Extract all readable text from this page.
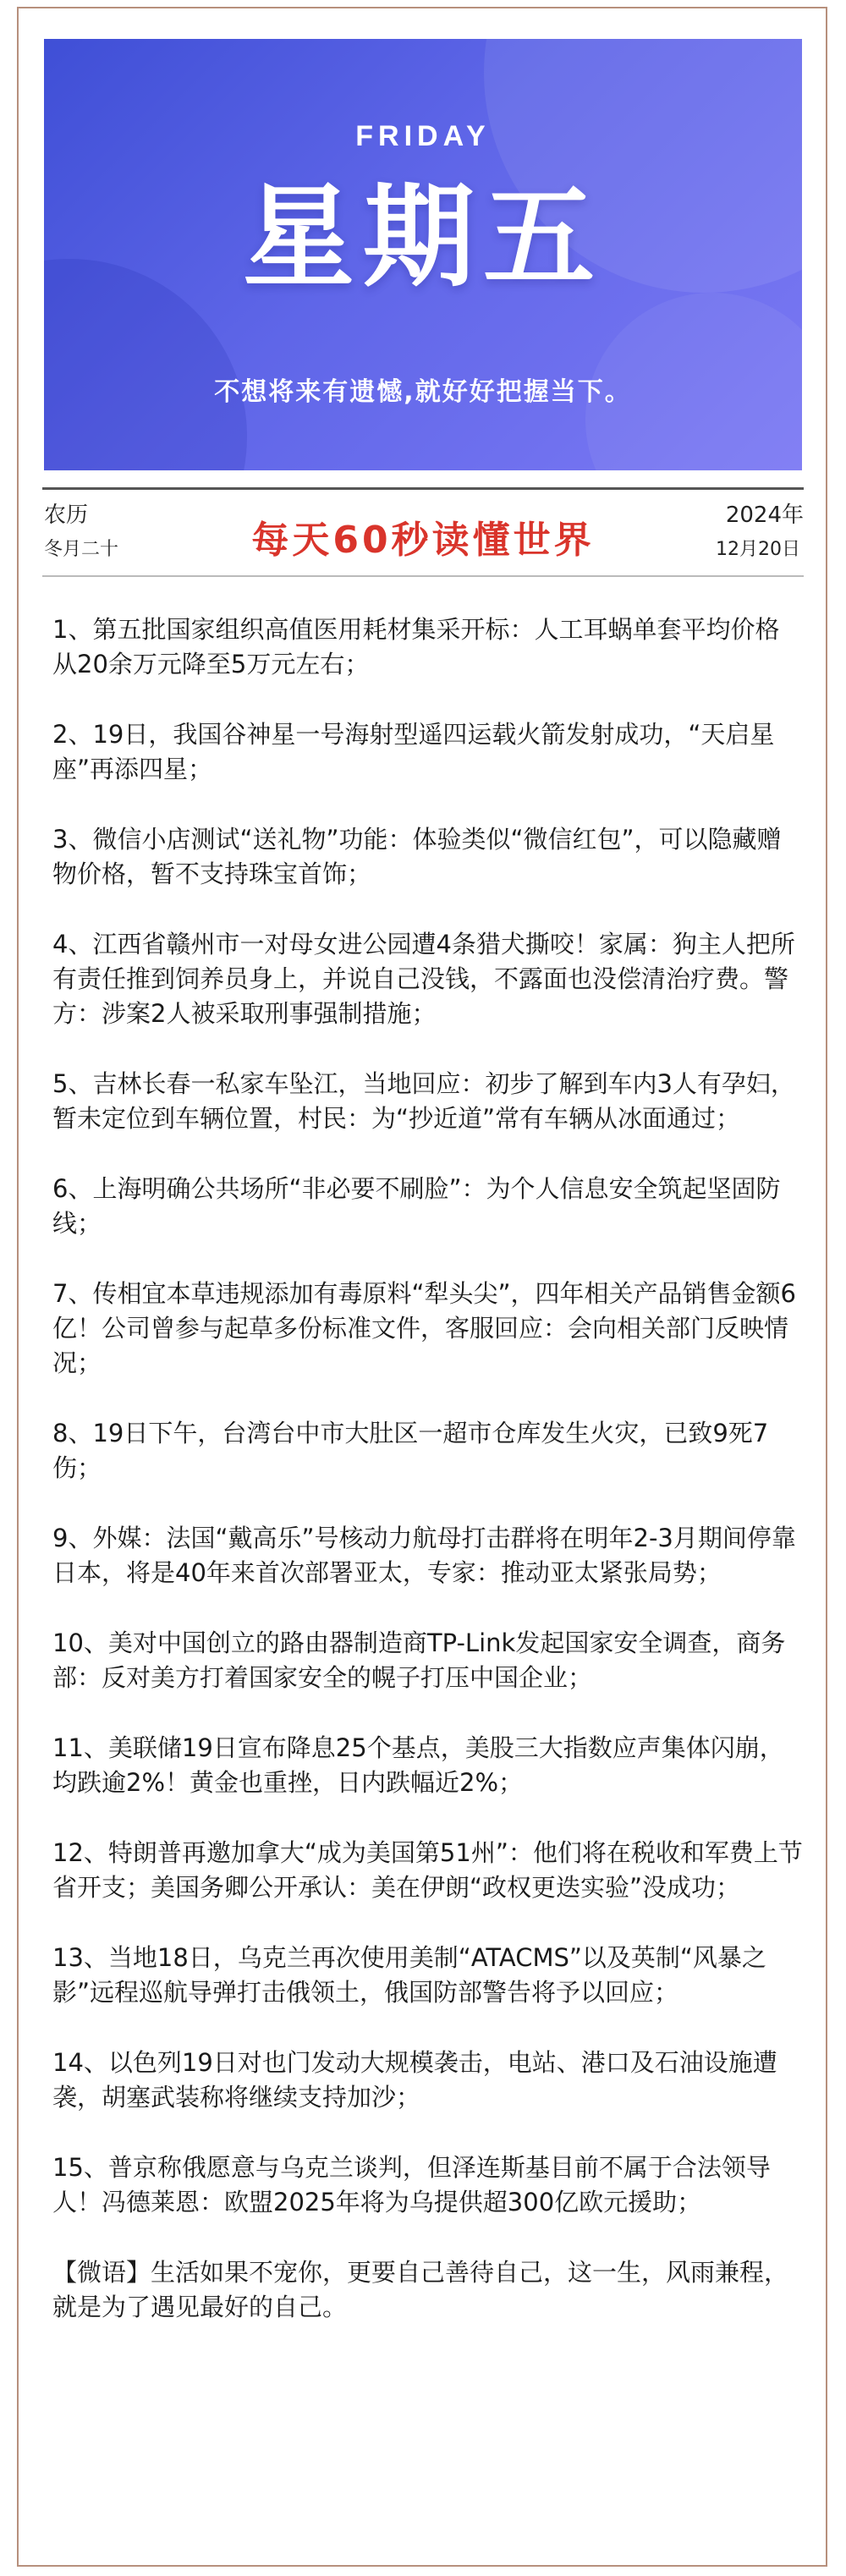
FRIDAY
星期五
不想将来有遗憾,就好好把握当下。
农历
冬月二十	每天60秒读懂世界
2024年
12月20日

1、第五批国家组织高值医用耗材集采开标：人工耳蜗单套平均价格从20余万元降至5万元左右；

2、19日，我国谷神星一号海射型遥四运载火箭发射成功，“天启星座”再添四星；

3、微信小店测试“送礼物”功能：体验类似“微信红包”，可以隐藏赠物价格，暂不支持珠宝首饰；

4、江西省赣州市一对母女进公园遭4条猎犬撕咬！家属：狗主人把所有责任推到饲养员身上，并说自己没钱，不露面也没偿清治疗费。警方：涉案2人被采取刑事强制措施；

5、吉林长春一私家车坠江，当地回应：初步了解到车内3人有孕妇，暂未定位到车辆位置，村民：为“抄近道”常有车辆从冰面通过；

6、上海明确公共场所“非必要不刷脸”：为个人信息安全筑起坚固防线；

7、传相宜本草违规添加有毒原料“犁头尖”，四年相关产品销售金额6亿！公司曾参与起草多份标准文件，客服回应：会向相关部门反映情况；

8、19日下午，台湾台中市大肚区一超市仓库发生火灾，已致9死7伤；

9、外媒：法国“戴高乐”号核动力航母打击群将在明年2-3月期间停靠日本，将是40年来首次部署亚太，专家：推动亚太紧张局势；

10、美对中国创立的路由器制造商TP-Link发起国家安全调查，商务部：反对美方打着国家安全的幌子打压中国企业；

11、美联储19日宣布降息25个基点，美股三大指数应声集体闪崩，均跌逾2%！黄金也重挫，日内跌幅近2%；

12、特朗普再邀加拿大“成为美国第51州”：他们将在税收和军费上节省开支；美国务卿公开承认：美在伊朗“政权更迭实验”没成功；

13、当地18日，乌克兰再次使用美制“ATACMS”以及英制“风暴之影”远程巡航导弹打击俄领土，俄国防部警告将予以回应；

14、以色列19日对也门发动大规模袭击，电站、港口及石油设施遭袭，胡塞武装称将继续支持加沙；

15、普京称俄愿意与乌克兰谈判，但泽连斯基目前不属于合法领导人！冯德莱恩：欧盟2025年将为乌提供超300亿欧元援助；

【微语】生活如果不宠你，更要自己善待自己，这一生，风雨兼程，就是为了遇见最好的自己。
